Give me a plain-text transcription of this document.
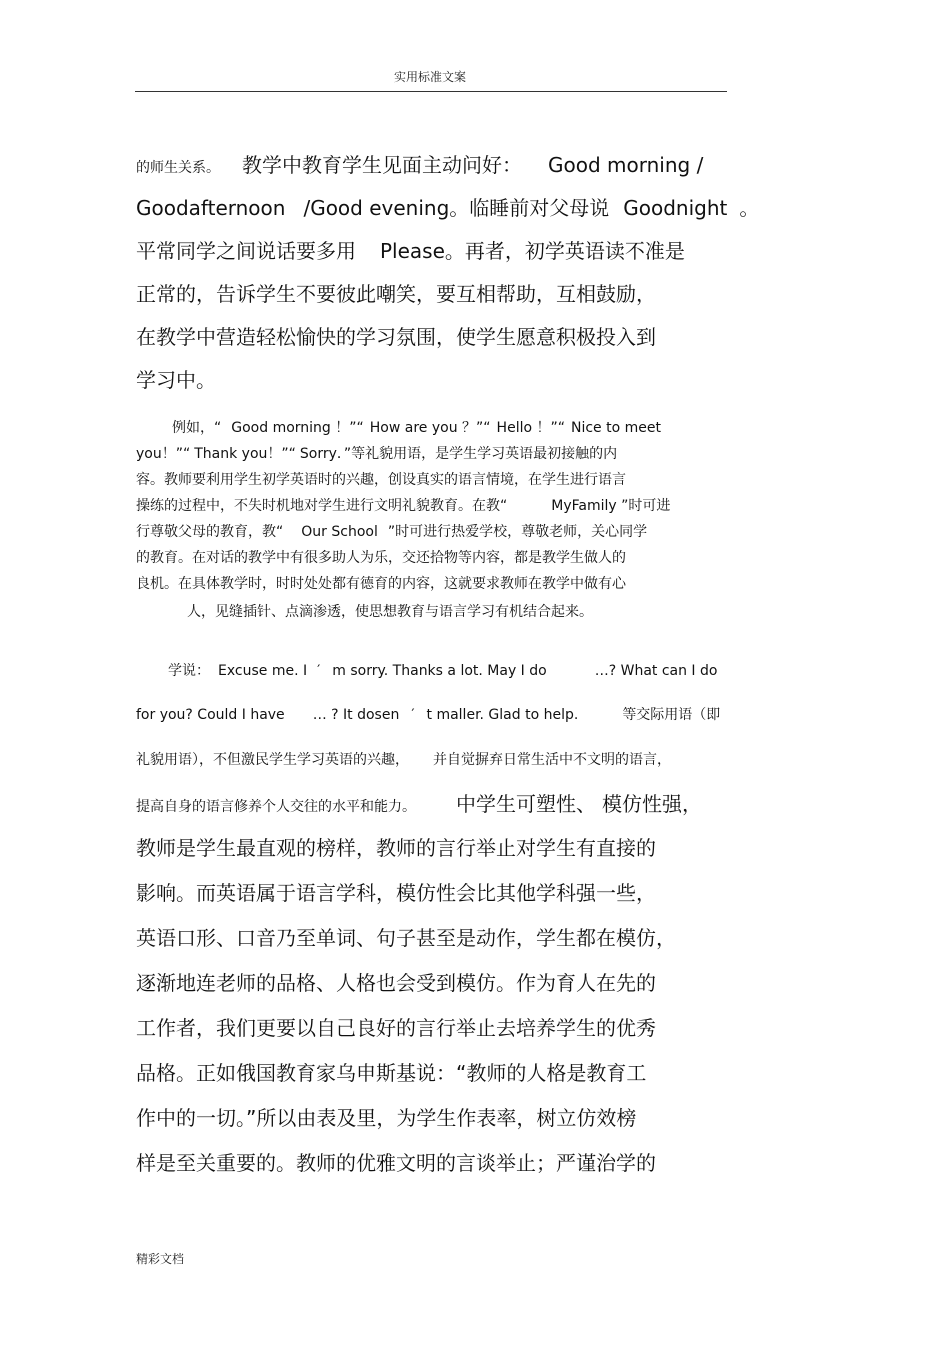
实用标准文案
的师生关系。 教学中教育学生见面主动问好： Good morning /
Goodafternoon /Good evening。临睡前对父母说 Goodnight 。
平常同学之间说话要多用 Please。再者，初学英语读不准是
正常的，告诉学生不要彼此嘲笑，要互相帮助，互相鼓励，
在教学中营造轻松愉快的学习氛围，使学生愿意积极投入到
学习中。
例如，“ Good morning ！”“ How are you ？”“ Hello ！”“ Nice to meet
you！”“ Thank you！”“ Sorry．”等礼貌用语，是学生学习英语最初接触的内
容。教师要利用学生初学英语时的兴趣，创设真实的语言情境，在学生进行语言
操练的过程中，不失时机地对学生进行文明礼貌教育。在教“	MyFamily ”时可进
行尊敬父母的教育，教“ Our School ”时可进行热爱学校，尊敬老师，关心同学
的教育。在对话的教学中有很多助人为乐，交还拾物等内容，都是教学生做人的
良机。在具体教学时，时时处处都有德育的内容，这就要求教师在教学中做有心
人，见缝插针、点滴渗透，使思想教育与语言学习有机结合起来。
学说： Excuse me. I ′ m sorry. Thanks a lot. May I do	…? What can I do
for you? Could I have … ? It dosen ′ t maller. Glad to help.	等交际用语（即
礼貌用语），不但激民学生学习英语的兴趣， 并自觉摒弃日常生活中不文明的语言，
提高自身的语言修养个人交往的水平和能力。 中学生可塑性、 模仿性强，
教师是学生最直观的榜样，教师的言行举止对学生有直接的
影响。而英语属于语言学科，模仿性会比其他学科强一些，
英语口形、口音乃至单词、句子甚至是动作，学生都在模仿，
逐渐地连老师的品格、人格也会受到模仿。作为育人在先的
工作者，我们更要以自己良好的言行举止去培养学生的优秀
品格。正如俄国教育家乌申斯基说：“教师的人格是教育工
作中的一切。”所以由表及里，为学生作表率，树立仿效榜
样是至关重要的。教师的优雅文明的言谈举止；严谨治学的
精彩文档
